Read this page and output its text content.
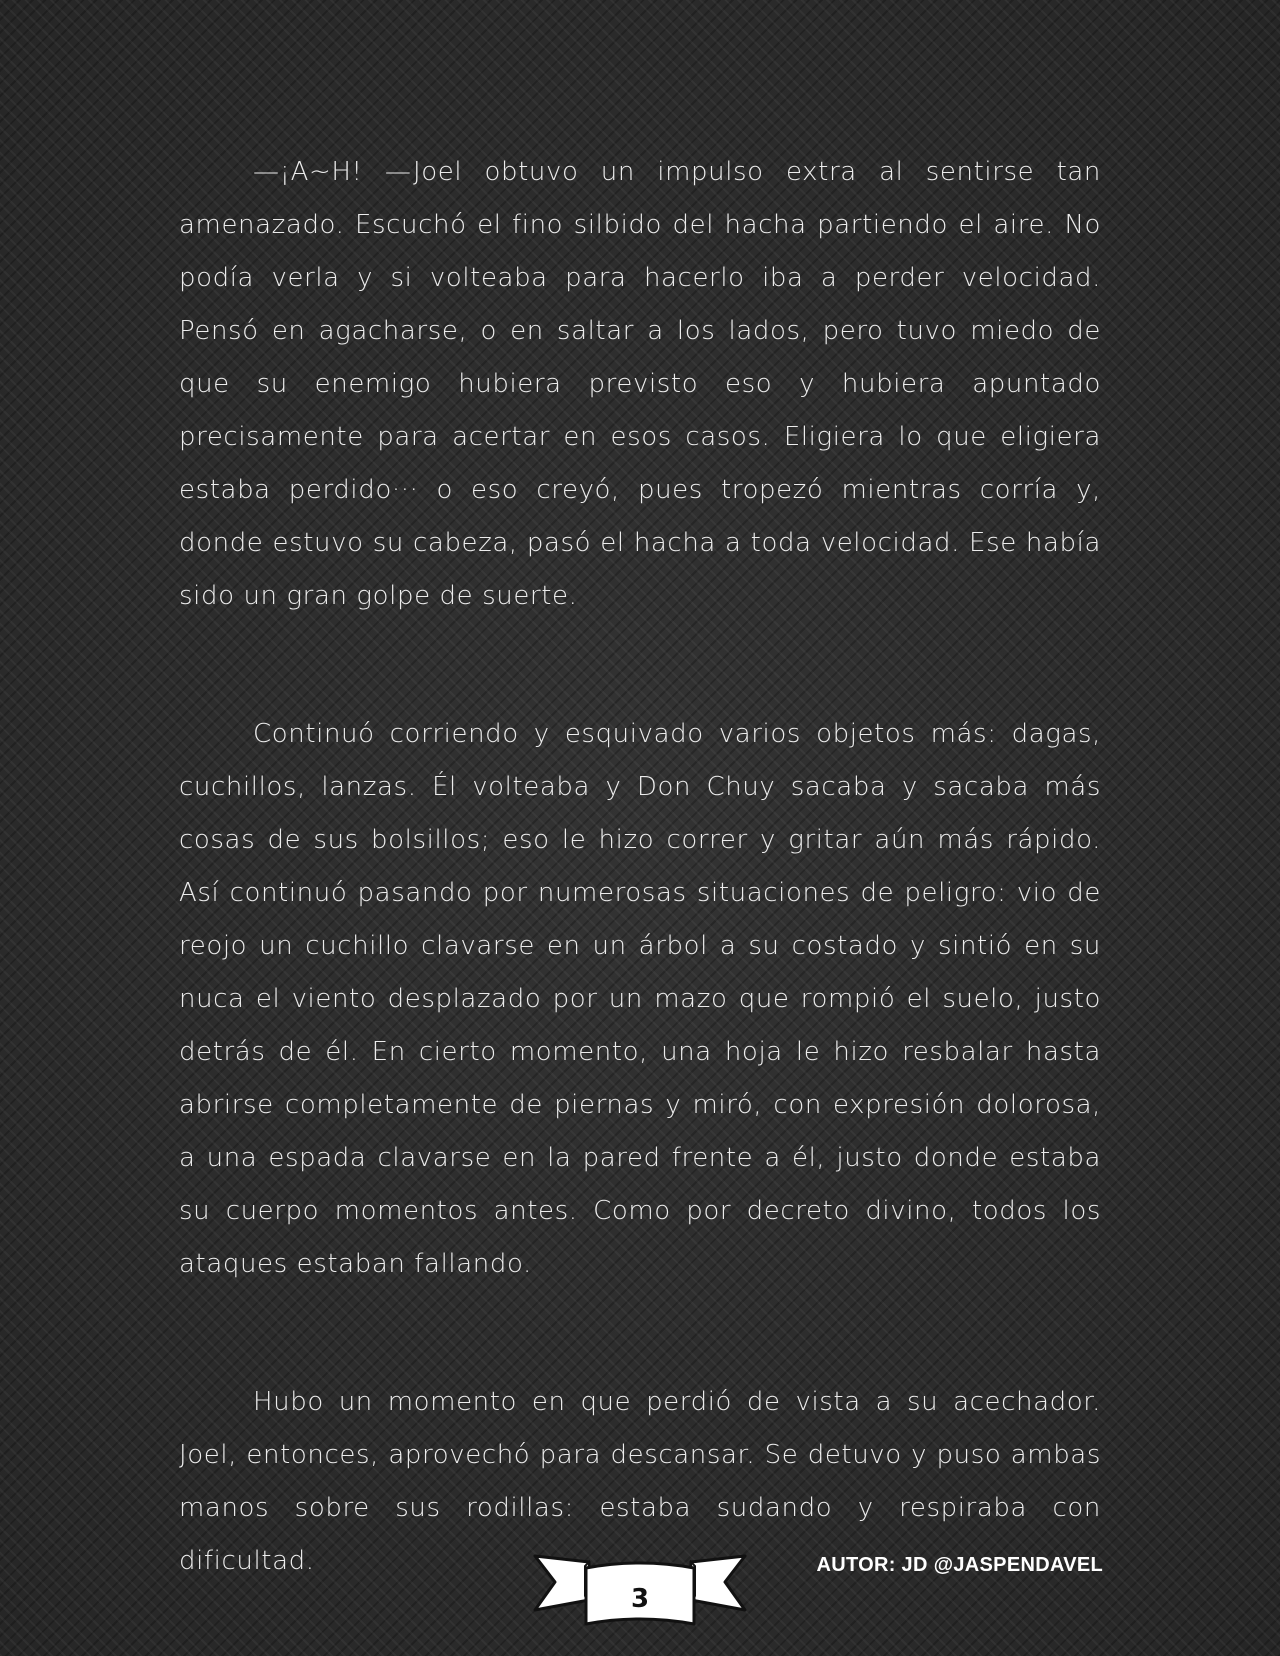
—¡A~H! —Joel obtuvo un impulso extra al sentirse tan amenazado. Escuchó el fino silbido del hacha partiendo el aire. No podía verla y si volteaba para hacerlo iba a perder velocidad. Pensó en agacharse, o en saltar a los lados, pero tuvo miedo de que su enemigo hubiera previsto eso y hubiera apuntado precisamente para acertar en esos casos. Eligiera lo que eligiera estaba perdido··· o eso creyó, pues tropezó mientras corría y, donde estuvo su cabeza, pasó el hacha a toda velocidad. Ese había sido un gran golpe de suerte.

Continuó corriendo y esquivado varios objetos más: dagas, cuchillos, lanzas. Él volteaba y Don Chuy sacaba y sacaba más cosas de sus bolsillos; eso le hizo correr y gritar aún más rápido. Así continuó pasando por numerosas situaciones de peligro: vio de reojo un cuchillo clavarse en un árbol a su costado y sintió en su nuca el viento desplazado por un mazo que rompió el suelo, justo detrás de él. En cierto momento, una hoja le hizo resbalar hasta abrirse completamente de piernas y miró, con expresión dolorosa, a una espada clavarse en la pared frente a él, justo donde estaba su cuerpo momentos antes. Como por decreto divino, todos los ataques estaban fallando.

Hubo un momento en que perdió de vista a su acechador. Joel, entonces, aprovechó para descansar. Se detuvo y puso ambas manos sobre sus rodillas: estaba sudando y respiraba con dificultad.

3
AUTOR: JD @JASPENDAVEL
